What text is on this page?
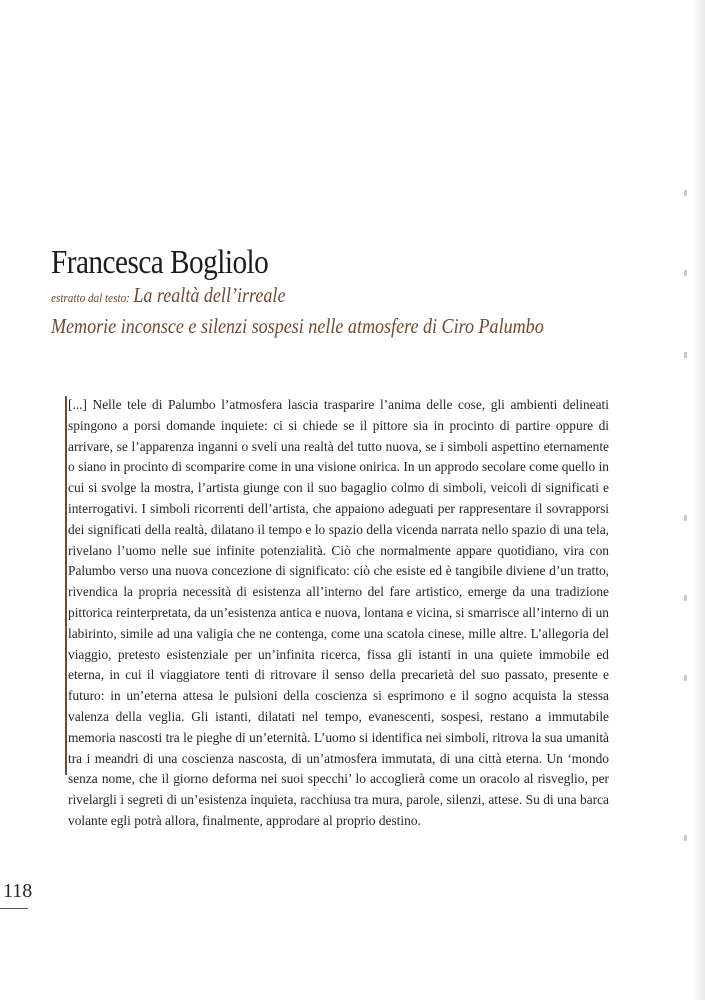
Francesca Bogliolo
estratto dal testo: La realtà dell’irreale
Memorie inconsce e silenzi sospesi nelle atmosfere di Ciro Palumbo

[...] Nelle tele di Palumbo l’atmosfera lascia trasparire l’anima delle cose, gli ambienti delineati spingono a porsi domande inquiete: ci si chiede se il pittore sia in procinto di partire oppure di arrivare, se l’apparenza inganni o sveli una realtà del tutto nuova, se i simboli aspettino eternamente o siano in procinto di scomparire come in una visione onirica. In un approdo secolare come quello in cui si svolge la mostra, l’artista giunge con il suo bagaglio colmo di simboli, veicoli di significati e interrogativi. I simboli ricorrenti dell’artista, che appaiono adeguati per rappresentare il sovrapporsi dei significati della realtà, dilatano il tempo e lo spazio della vicenda narrata nello spazio di una tela, rivelano l’uomo nelle sue infinite potenzialità. Ciò che normalmente appare quotidiano, vira con Palumbo verso una nuova concezione di significato: ciò che esiste ed è tangibile diviene d’un tratto, rivendica la propria necessità di esistenza all’interno del fare artistico, emerge da una tradizione pittorica reinterpretata, da un’esistenza antica e nuova, lontana e vicina, si smarrisce all’interno di un labirinto, simile ad una valigia che ne contenga, come una scatola cinese, mille altre. L’allegoria del viaggio, pretesto esistenziale per un’infinita ricerca, fissa gli istanti in una quiete immobile ed eterna, in cui il viaggiatore tenti di ritrovare il senso della precarietà del suo passato, presente e futuro: in un’eterna attesa le pulsioni della coscienza si esprimono e il sogno acquista la stessa valenza della veglia. Gli istanti, dilatati nel tempo, evanescenti, sospesi, restano a immutabile memoria nascosti tra le pieghe di un’eternità. L’uomo si identifica nei simboli, ritrova la sua umanità tra i meandri di una coscienza nascosta, di un’atmosfera immutata, di una città eterna. Un ‘mondo senza nome, che il giorno deforma nei suoi specchi’ lo accoglierà come un oracolo al risveglio, per rivelargli i segreti di un’esistenza inquieta, racchiusa tra mura, parole, silenzi, attese. Su di una barca volante egli potrà allora, finalmente, approdare al proprio destino.

118
